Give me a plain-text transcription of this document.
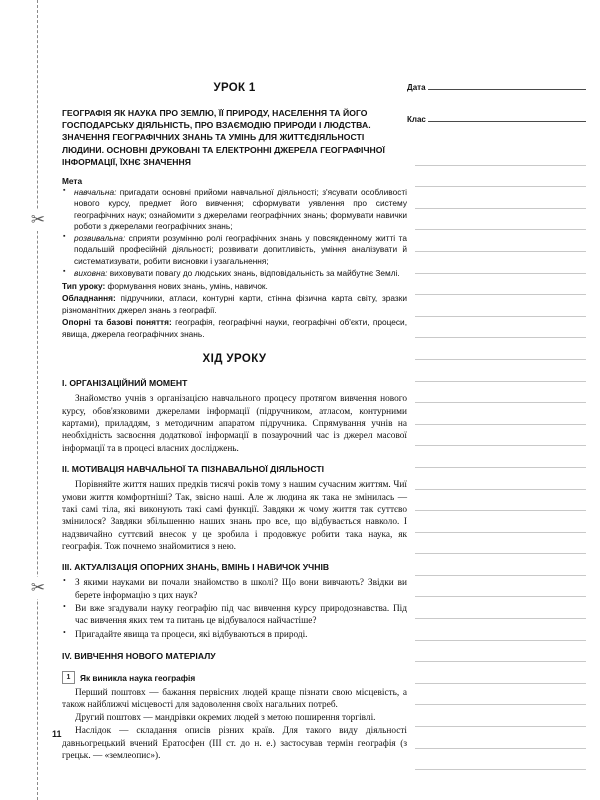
✂
✂
УРОК 1
ГЕОГРАФІЯ ЯК НАУКА ПРО ЗЕМЛЮ, ЇЇ ПРИРОДУ, НАСЕЛЕННЯ ТА ЙОГО ГОСПОДАРСЬКУ ДІЯЛЬНІСТЬ, ПРО ВЗАЄМОДІЮ ПРИРОДИ І ЛЮДСТВА. ЗНАЧЕННЯ ГЕОГРАФІЧНИХ ЗНАНЬ ТА УМІНЬ ДЛЯ ЖИТТЄДІЯЛЬНОСТІ ЛЮДИНИ. ОСНОВНІ ДРУКОВАНІ ТА ЕЛЕКТРОННІ ДЖЕРЕЛА ГЕОГРАФІЧНОЇ ІНФОРМАЦІЇ, ЇХНЄ ЗНАЧЕННЯ
Мета
▪ навчальна: пригадати основні прийоми навчальної діяльності; з'ясувати особливості нового курсу, предмет його вивчення; сформувати уявлення про систему географічних наук; ознайомити з джерелами географічних знань; формувати навички роботи з джерелами географічних знань;
▪ розвивальна: сприяти розумінню ролі географічних знань у повсякденному житті та подальшій професійній діяльності; розвивати допитливість, уміння аналізувати й систематизувати, робити висновки і узагальнення;
▪ виховна: виховувати повагу до людських знань, відповідальність за майбутнє Землі.

Тип уроку: формування нових знань, умінь, навичок.

Обладнання: підручники, атласи, контурні карти, стінна фізична карта світу, зразки різноманітних джерел знань з географії.

Опорні та базові поняття: географія, географічні науки, географічні об'єкти, процеси, явища, джерела географічних знань.

ХІД УРОКУ
I. ОРГАНІЗАЦІЙНИЙ МОМЕНТ

Знайомство учнів з організацією навчального процесу протягом вивчення нового курсу, обов'язковими джерелами інформації (підручником, атласом, контурними картами), приладдям, з методичним апаратом підручника. Спрямування учнів на необхідність засвоєння додаткової інформації в позаурочний час із джерел масової інформації та в процесі власних досліджень.

II. МОТИВАЦІЯ НАВЧАЛЬНОЇ ТА ПІЗНАВАЛЬНОЇ ДІЯЛЬНОСТІ

Порівняйте життя наших предків тисячі років тому з нашим сучасним життям. Чиї умови життя комфортніші? Так, звісно наші. Але ж людина як така не змінилась — такі самі тіла, які виконують такі самі функції. Завдяки ж чому життя так суттєво змінилося? Завдяки збільшенню наших знань про все, що відбувається навколо. І надзвичайно суттєвий внесок у це зробила і продовжує робити така наука, як географія. Тож почнемо знайомитися з нею.

III. АКТУАЛІЗАЦІЯ ОПОРНИХ ЗНАНЬ, ВМІНЬ І НАВИЧОК УЧНІВ
• З якими науками ви почали знайомство в школі? Що вони вивчають? Звідки ви берете інформацію з цих наук?
• Ви вже згадували науку географію під час вивчення курсу природознавства. Під час вивчення яких тем та питань це відбувалося найчастіше?
• Пригадайте явища та процеси, які відбуваються в природі.
IV. ВИВЧЕННЯ НОВОГО МАТЕРІАЛУ
1	Як виникла наука географія

Перший поштовх — бажання первісних людей краще пізнати свою місцевість, а також найближчі місцевості для задоволення своїх нагальних потреб.

Другий поштовх — мандрівки окремих людей з метою поширення торгівлі.

Наслідок — складання описів різних країв. Для такого виду діяльності давньогрецький вчений Ератосфен (III ст. до н. е.) застосував термін географія (з грецьк. — «землеопис»).

Дата
Клас
11
